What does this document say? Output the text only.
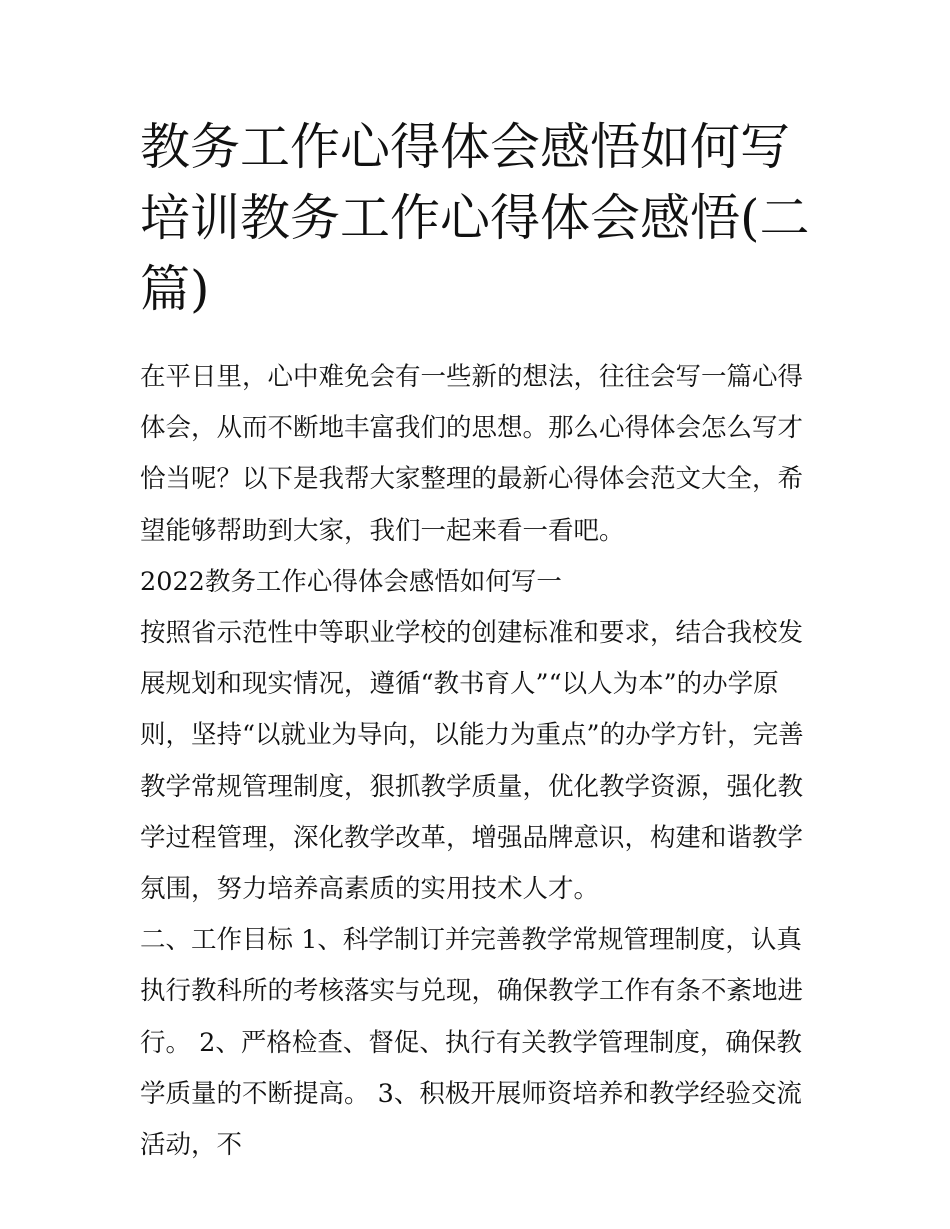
教务工作心得体会感悟如何写培训教务工作心得体会感悟(二篇)

在平日里，心中难免会有一些新的想法，往往会写一篇心得体会，从而不断地丰富我们的思想。那么心得体会怎么写才恰当呢？以下是我帮大家整理的最新心得体会范文大全，希望能够帮助到大家，我们一起来看一看吧。

2022教务工作心得体会感悟如何写一

按照省示范性中等职业学校的创建标准和要求，结合我校发展规划和现实情况，遵循“教书育人”“以人为本”的办学原则，坚持“以就业为导向，以能力为重点”的办学方针，完善教学常规管理制度，狠抓教学质量，优化教学资源，强化教学过程管理，深化教学改革，增强品牌意识，构建和谐教学氛围，努力培养高素质的实用技术人才。

二、工作目标 1、科学制订并完善教学常规管理制度，认真执行教科所的考核落实与兑现，确保教学工作有条不紊地进行。 2、严格检查、督促、执行有关教学管理制度，确保教学质量的不断提高。 3、积极开展师资培养和教学经验交流活动，不
